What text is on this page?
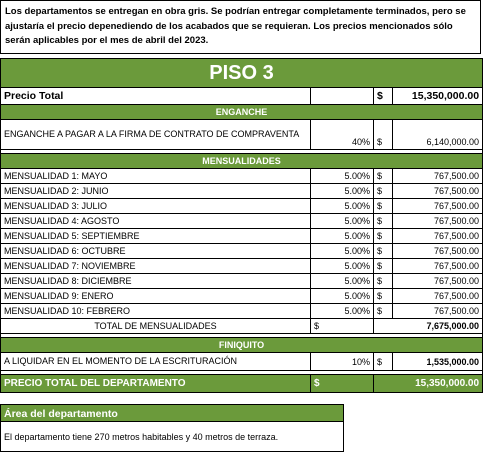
Los departamentos se entregan en obra gris. Se podrían entregar completamente terminados, pero se ajustaría el precio depenediendo de los acabados que se requieran. Los precios mencionados sólo serán aplicables por el mes de abril del 2023.
PISO 3			
Precio Total		$	15,350,000.00
ENGANCHE			
ENGANCHE A PAGAR A LA FIRMA DE CONTRATO DE COMPRAVENTA	40%	$	6,140,000.00

MENSUALIDADES			
MENSUALIDAD 1: MAYO	5.00%	$	767,500.00
MENSUALIDAD 2: JUNIO	5.00%	$	767,500.00
MENSUALIDAD 3: JULIO	5.00%	$	767,500.00
MENSUALIDAD 4: AGOSTO	5.00%	$	767,500.00
MENSUALIDAD 5: SEPTIEMBRE	5.00%	$	767,500.00
MENSUALIDAD 6: OCTUBRE	5.00%	$	767,500.00
MENSUALIDAD 7: NOVIEMBRE	5.00%	$	767,500.00
MENSUALIDAD 8: DICIEMBRE	5.00%	$	767,500.00
MENSUALIDAD 9: ENERO	5.00%	$	767,500.00
MENSUALIDAD 10: FEBRERO	5.00%	$	767,500.00
TOTAL DE MENSUALIDADES	$	7,675,000.00	

FINIQUITO			
A LIQUIDAR EN EL MOMENTO DE LA ESCRITURACIÓN	10%	$	1,535,000.00

PRECIO TOTAL DEL DEPARTAMENTO	$	15,350,000.00	
Área del departamento
El departamento tiene 270 metros habitables y 40 metros de terraza.
